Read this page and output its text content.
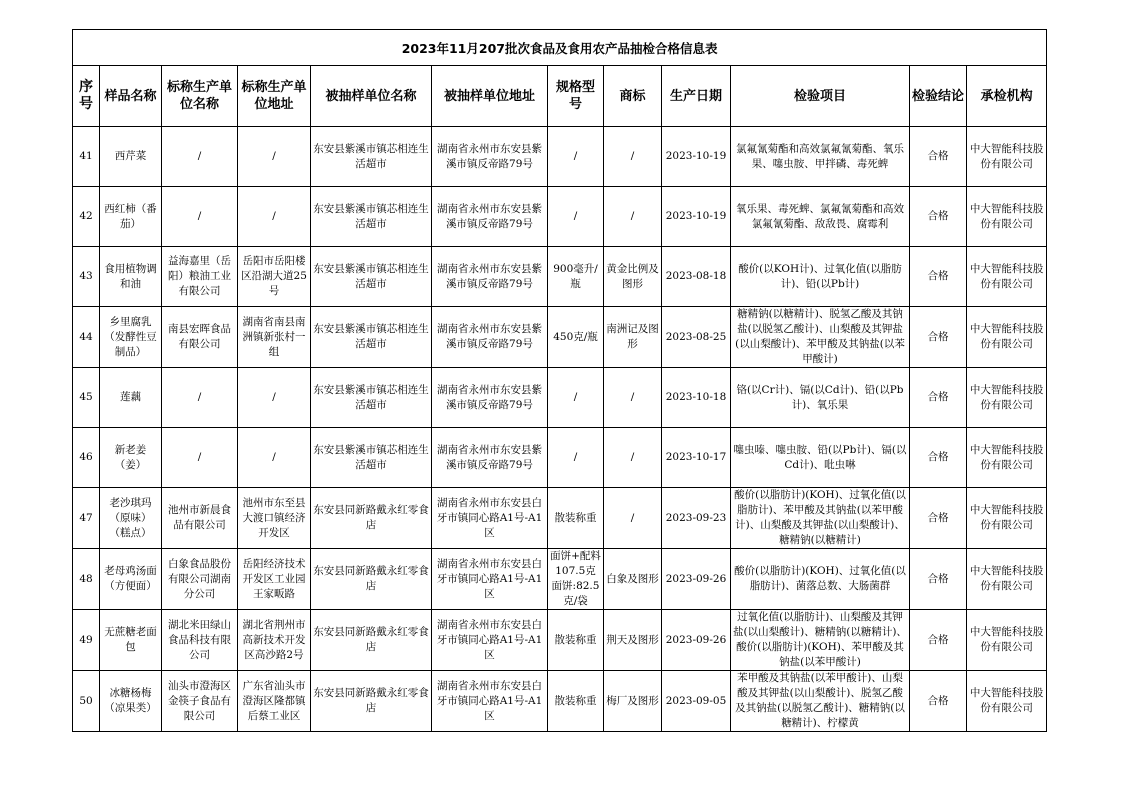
2023年11月207批次食品及食用农产品抽检合格信息表											
序号	样品名称	标称生产单位名称	标称生产单位地址	被抽样单位名称	被抽样单位地址	规格型号	商标	生产日期	检验项目	检验结论	承检机构
41	西芹菜	/	/	东安县紫溪市镇芯相连生活超市	湖南省永州市东安县紫溪市镇反帝路79号	/	/	2023-10-19	氯氟氰菊酯和高效氯氟氰菊酯、氧乐果、噻虫胺、甲拌磷、毒死蜱	合格	中大智能科技股份有限公司
42	西红柿（番茄）	/	/	东安县紫溪市镇芯相连生活超市	湖南省永州市东安县紫溪市镇反帝路79号	/	/	2023-10-19	氧乐果、毒死蜱、氯氟氰菊酯和高效氯氟氰菊酯、敌敌畏、腐霉利	合格	中大智能科技股份有限公司
43	食用植物调和油	益海嘉里（岳阳）粮油工业有限公司	岳阳市岳阳楼区沿湖大道25号	东安县紫溪市镇芯相连生活超市	湖南省永州市东安县紫溪市镇反帝路79号	900毫升/瓶	黄金比例及图形	2023-08-18	酸价(以KOH计)、过氧化值(以脂肪计)、铅(以Pb计)	合格	中大智能科技股份有限公司
44	乡里腐乳（发酵性豆制品）	南县宏晖食品有限公司	湖南省南县南洲镇新张村一组	东安县紫溪市镇芯相连生活超市	湖南省永州市东安县紫溪市镇反帝路79号	450克/瓶	南洲记及图形	2023-08-25	糖精钠(以糖精计)、脱氢乙酸及其钠盐(以脱氢乙酸计)、山梨酸及其钾盐(以山梨酸计)、苯甲酸及其钠盐(以苯甲酸计)	合格	中大智能科技股份有限公司
45	莲藕	/	/	东安县紫溪市镇芯相连生活超市	湖南省永州市东安县紫溪市镇反帝路79号	/	/	2023-10-18	铬(以Cr计)、镉(以Cd计)、铅(以Pb计)、氧乐果	合格	中大智能科技股份有限公司
46	新老姜（姜）	/	/	东安县紫溪市镇芯相连生活超市	湖南省永州市东安县紫溪市镇反帝路79号	/	/	2023-10-17	噻虫嗪、噻虫胺、铅(以Pb计)、镉(以Cd计)、吡虫啉	合格	中大智能科技股份有限公司
47	老沙琪玛（原味）（糕点）	池州市新晨食品有限公司	池州市东至县大渡口镇经济开发区	东安县同新路戴永红零食店	湖南省永州市东安县白牙市镇同心路A1号-A1区	散装称重	/	2023-09-23	酸价(以脂肪计)(KOH)、过氧化值(以脂肪计)、苯甲酸及其钠盐(以苯甲酸计)、山梨酸及其钾盐(以山梨酸计)、糖精钠(以糖精计)	合格	中大智能科技股份有限公司
48	老母鸡汤面（方便面）	白象食品股份有限公司湖南分公司	岳阳经济技术开发区工业园王家畈路	东安县同新路戴永红零食店	湖南省永州市东安县白牙市镇同心路A1号-A1区	面饼+配料107.5克面饼:82.5克/袋	白象及图形	2023-09-26	酸价(以脂肪计)(KOH)、过氧化值(以脂肪计)、菌落总数、大肠菌群	合格	中大智能科技股份有限公司
49	无蔗糖老面包	湖北米田绿山食品科技有限公司	湖北省荆州市高新技术开发区高沙路2号	东安县同新路戴永红零食店	湖南省永州市东安县白牙市镇同心路A1号-A1区	散装称重	荆天及图形	2023-09-26	过氧化值(以脂肪计)、山梨酸及其钾盐(以山梨酸计)、糖精钠(以糖精计)、酸价(以脂肪计)(KOH)、苯甲酸及其钠盐(以苯甲酸计)	合格	中大智能科技股份有限公司
50	冰糖杨梅（凉果类）	汕头市澄海区金筷子食品有限公司	广东省汕头市澄海区隆都镇后蔡工业区	东安县同新路戴永红零食店	湖南省永州市东安县白牙市镇同心路A1号-A1区	散装称重	梅厂及图形	2023-09-05	苯甲酸及其钠盐(以苯甲酸计)、山梨酸及其钾盐(以山梨酸计)、脱氢乙酸及其钠盐(以脱氢乙酸计)、糖精钠(以糖精计)、柠檬黄	合格	中大智能科技股份有限公司
